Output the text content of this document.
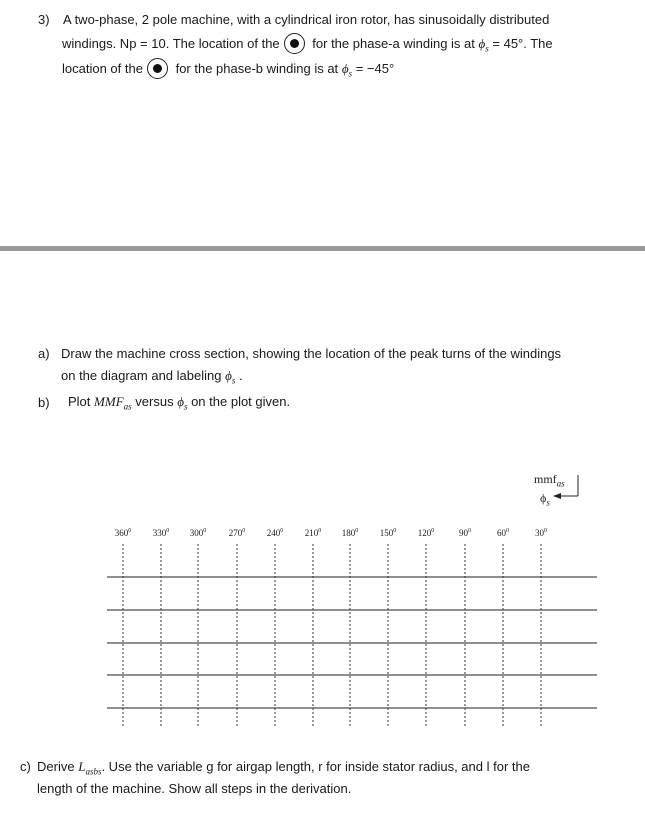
3) A two-phase, 2 pole machine, with a cylindrical iron rotor, has sinusoidally distributed
windings. Np = 10. The location of the	for the phase-a winding is at $\phi_s = 45^\circ$. The
location of the	for the phase-b winding is at $\phi_s = -45^\circ$
a) Draw the machine cross section, showing the location of the peak turns of the windings
on the diagram and labeling $\phi_s$ .
b) Plot $MMF_{as}$ versus $\phi_s$ on the plot given.
mmf$_{as}$
$\phi_s$
$360^0$ $330^0$ $300^0$	$270^0$ $240^0$ $210^0$ $180^0$ $150^0$ $120^0$	$90^0$	$60^0$	$30^0$
c) Derive $L_{asbs}$. Use the variable g for airgap length, r for inside stator radius, and l for the
length of the machine. Show all steps in the derivation.
